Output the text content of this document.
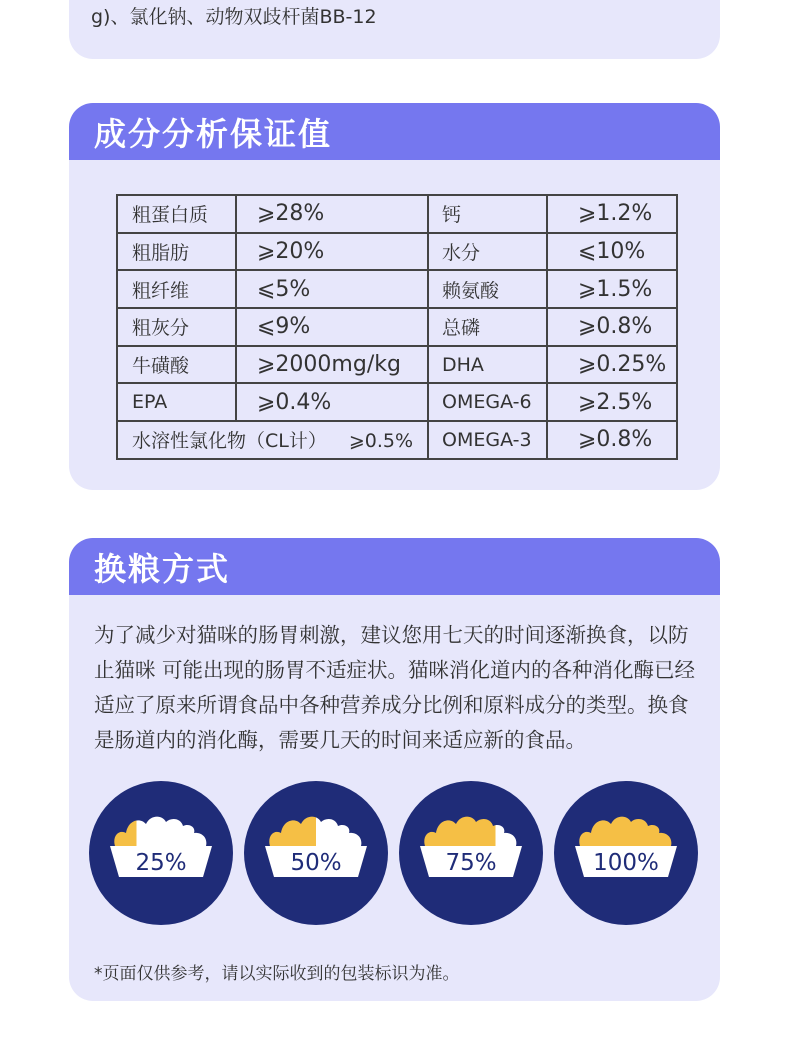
g)、氯化钠、动物双歧杆菌BB-12
成分分析保证值
粗蛋白质	⩾28%	钙	⩾1.2%
粗脂肪	⩾20%	水分	⩽10%
粗纤维	⩽5%	赖氨酸	⩾1.5%
粗灰分	⩽9%	总磷	⩾0.8%
牛磺酸	⩾2000mg/kg	DHA	⩾0.25%
EPA	⩾0.4%	OMEGA-6	⩾2.5%
水溶性氯化物（CL计） ⩾0.5%		OMEGA-3	⩾0.8%
换粮方式
为了减少对猫咪的肠胃刺激，建议您用七天的时间逐渐换食，以防止猫咪 可能出现的肠胃不适症状。猫咪消化道内的各种消化酶已经适应了原来所谓食品中各种营养成分比例和原料成分的类型。换食是肠道内的消化酶，需要几天的时间来适应新的食品。
25%	50%	75%	100%
*页面仅供参考，请以实际收到的包装标识为准。
